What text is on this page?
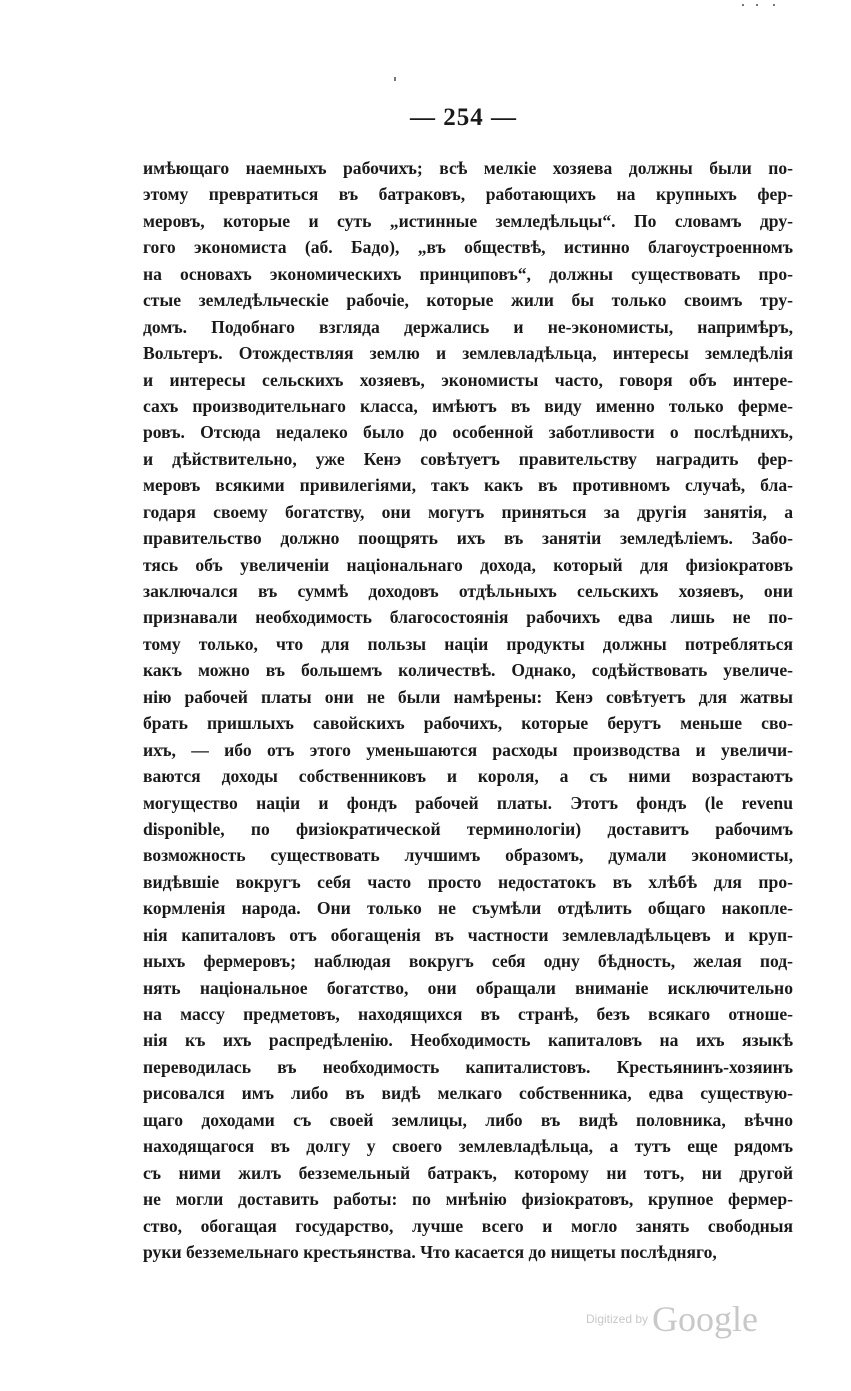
— 254 —
имѣющаго наемныхъ рабочихъ; всѣ мелкіе хозяева должны были по-
этому превратиться въ батраковъ, работающихъ на крупныхъ фер-
меровъ, которые и суть „истинные земледѣльцы“. По словамъ дру-
гого экономиста (аб. Бадо), „въ обществѣ, истинно благоустроенномъ
на основахъ экономическихъ принциповъ“, должны существовать про-
стые земледѣльческіе рабочіе, которые жили бы только своимъ тру-
домъ. Подобнаго взгляда держались и не-экономисты, напримѣръ,
Вольтеръ. Отождествляя землю и землевладѣльца, интересы земледѣлія
и интересы сельскихъ хозяевъ, экономисты часто, говоря объ интере-
сахъ производительнаго класса, имѣютъ въ виду именно только ферме-
ровъ. Отсюда недалеко было до особенной заботливости о послѣднихъ,
и дѣйствительно, уже Кенэ совѣтуетъ правительству наградить фер-
меровъ всякими привилегіями, такъ какъ въ противномъ случаѣ, бла-
годаря своему богатству, они могутъ приняться за другія занятія, а
правительство должно поощрять ихъ въ занятіи земледѣліемъ. Забо-
тясь объ увеличеніи національнаго дохода, который для физіократовъ
заключался въ суммѣ доходовъ отдѣльныхъ сельскихъ хозяевъ, они
признавали необходимость благосостоянія рабочихъ едва лишь не по-
тому только, что для пользы націи продукты должны потребляться
какъ можно въ большемъ количествѣ. Однако, содѣйствовать увеличе-
нію рабочей платы они не были намѣрены: Кенэ совѣтуетъ для жатвы
брать пришлыхъ савойскихъ рабочихъ, которые берутъ меньше сво-
ихъ, — ибо отъ этого уменьшаются расходы производства и увеличи-
ваются доходы собственниковъ и короля, а съ ними возрастаютъ
могущество націи и фондъ рабочей платы. Этотъ фондъ (le revenu
disponible, по физіократической терминологіи) доставитъ рабочимъ
возможность существовать лучшимъ образомъ, думали экономисты,
видѣвшіе вокругъ себя часто просто недостатокъ въ хлѣбѣ для про-
кормленія народа. Они только не съумѣли отдѣлить общаго накопле-
нія капиталовъ отъ обогащенія въ частности землевладѣльцевъ и круп-
ныхъ фермеровъ; наблюдая вокругъ себя одну бѣдность, желая под-
нять національное богатство, они обращали вниманіе исключительно
на массу предметовъ, находящихся въ странѣ, безъ всякаго отноше-
нія къ ихъ распредѣленію. Необходимость капиталовъ на ихъ языкѣ
переводилась въ необходимость капиталистовъ. Крестьянинъ-хозяинъ
рисовался имъ либо въ видѣ мелкаго собственника, едва существую-
щаго доходами съ своей землицы, либо въ видѣ половника, вѣчно
находящагося въ долгу у своего землевладѣльца, а тутъ еще рядомъ
съ ними жилъ безземельный батракъ, которому ни тотъ, ни другой
не могли доставить работы: по мнѣнію физіократовъ, крупное фермер-
ство, обогащая государство, лучше всего и могло занять свободныя
руки безземельнаго крестьянства. Что касается до нищеты послѣдняго,
Digitized by Google
